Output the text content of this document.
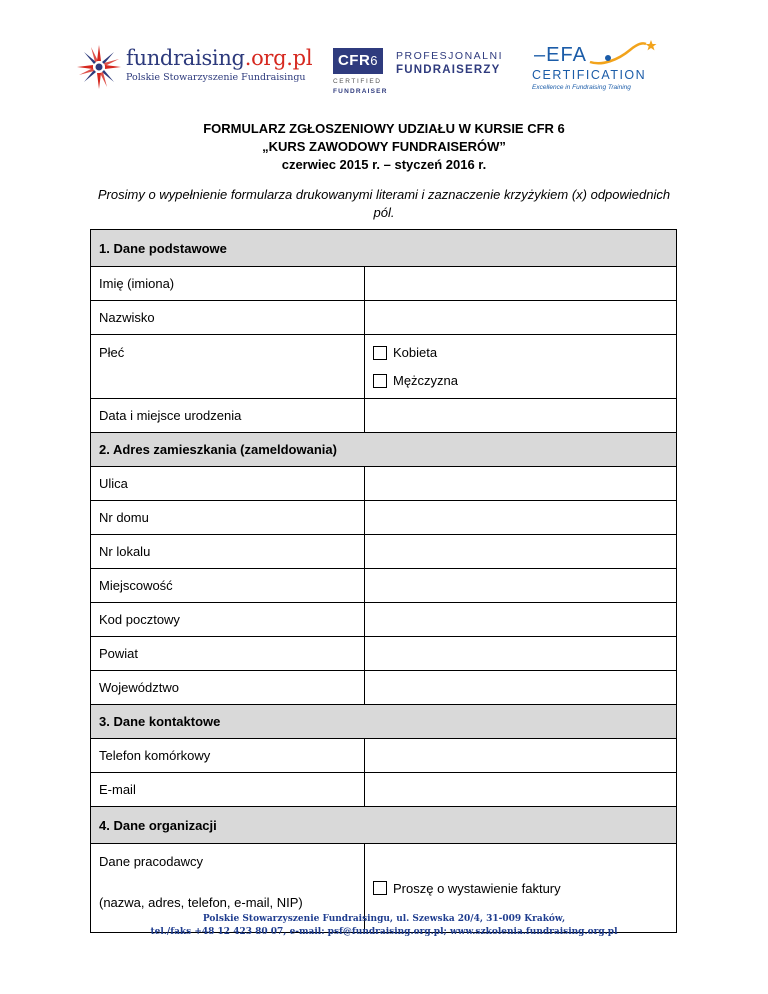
fundraising.org.pl
Polskie Stowarzyszenie Fundraisingu
CFR6
CERTIFIED
FUNDRAISER
PROFESJONALNI
FUNDRAISERZY
–EFA
CERTIFICATION
Excellence in Fundraising Training
FORMULARZ ZGŁOSZENIOWY UDZIAŁU W KURSIE CFR 6
„KURS ZAWODOWY FUNDRAISERÓW”
czerwiec 2015 r. – styczeń 2016 r.
Prosimy o wypełnienie formularza drukowanymi literami i zaznaczenie krzyżykiem (x) odpowiednich pól.
1. Dane podstawowe	
Imię (imiona)	
Nazwisko	
Płeć	Kobieta
Mężczyzna

Data i miejsce urodzenia	
2. Adres zamieszkania (zameldowania)	
Ulica	
Nr domu	
Nr lokalu	
Miejscowość	
Kod pocztowy	
Powiat	
Województwo	
3. Dane kontaktowe	
Telefon komórkowy	
E-mail	
4. Dane organizacji	
Dane pracodawcy
(nazwa, adres, telefon, e-mail, NIP)	Proszę o wystawienie faktury
Polskie Stowarzyszenie Fundraisingu, ul. Szewska 20/4, 31-009 Kraków,
tel./faks +48 12 423 80 07, e-mail: psf@fundraising.org.pl; www.szkolenia.fundraising.org.pl
